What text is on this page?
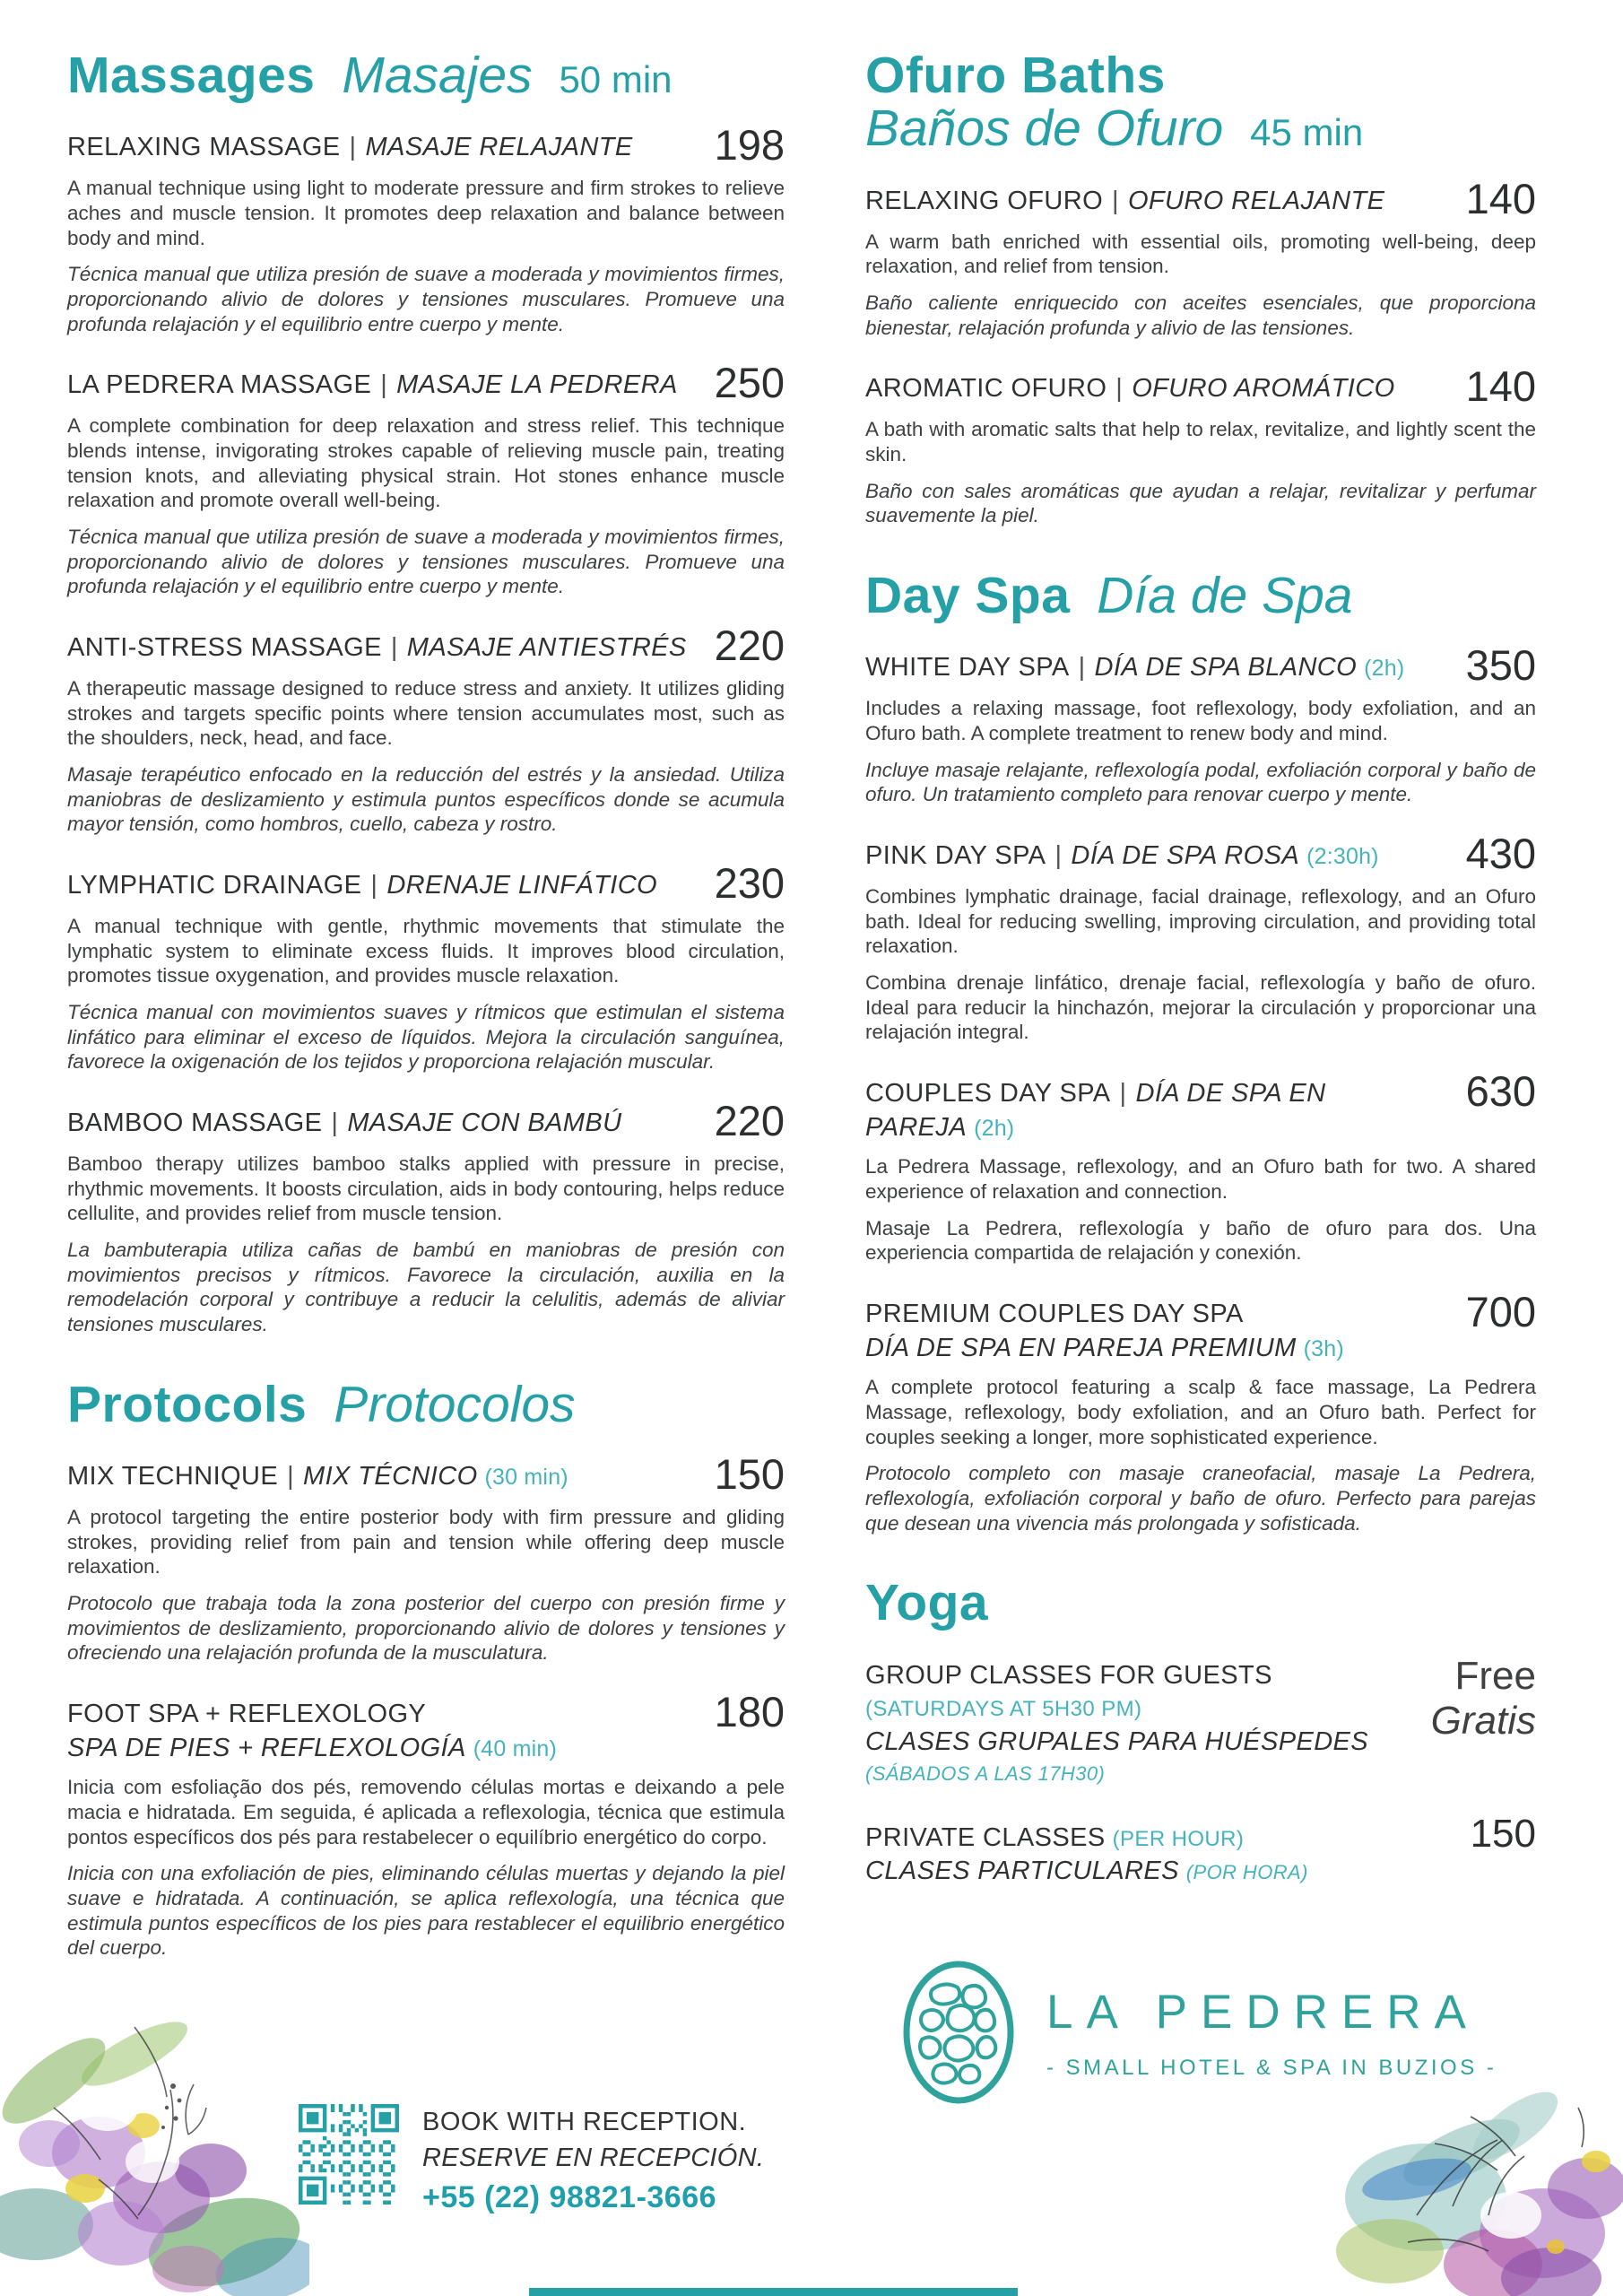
Massages Masajes 50 min
RELAXING MASSAGE | MASAJE RELAJANTE	198

A manual technique using light to moderate pressure and firm strokes to relieve aches and muscle tension. It promotes deep relaxation and balance between body and mind.

Técnica manual que utiliza presión de suave a moderada y movimientos firmes, proporcionando alivio de dolores y tensiones musculares. Promueve una profunda relajación y el equilibrio entre cuerpo y mente.

LA PEDRERA MASSAGE | MASAJE LA PEDRERA 250

A complete combination for deep relaxation and stress relief. This technique blends intense, invigorating strokes capable of relieving muscle pain, treating tension knots, and alleviating physical strain. Hot stones enhance muscle relaxation and promote overall well-being.

Técnica manual que utiliza presión de suave a moderada y movimientos firmes, proporcionando alivio de dolores y tensiones musculares. Promueve una profunda relajación y el equilibrio entre cuerpo y mente.

ANTI-STRESS MASSAGE | MASAJE ANTIESTRÉS 220

A therapeutic massage designed to reduce stress and anxiety. It utilizes gliding strokes and targets specific points where tension accumulates most, such as the shoulders, neck, head, and face.

Masaje terapéutico enfocado en la reducción del estrés y la ansiedad. Utiliza maniobras de deslizamiento y estimula puntos específicos donde se acumula mayor tensión, como hombros, cuello, cabeza y rostro.

LYMPHATIC DRAINAGE | DRENAJE LINFÁTICO	230

A manual technique with gentle, rhythmic movements that stimulate the lymphatic system to eliminate excess fluids. It improves blood circulation, promotes tissue oxygenation, and provides muscle relaxation.

Técnica manual con movimientos suaves y rítmicos que estimulan el sistema linfático para eliminar el exceso de líquidos. Mejora la circulación sanguínea, favorece la oxigenación de los tejidos y proporciona relajación muscular.

BAMBOO MASSAGE | MASAJE CON BAMBÚ	220

Bamboo therapy utilizes bamboo stalks applied with pressure in precise, rhythmic movements. It boosts circulation, aids in body contouring, helps reduce cellulite, and provides relief from muscle tension.

La bambuterapia utiliza cañas de bambú en maniobras de presión con movimientos precisos y rítmicos. Favorece la circulación, auxilia en la remodelación corporal y contribuye a reducir la celulitis, además de aliviar tensiones musculares.

Protocols Protocolos
MIX TECHNIQUE | MIX TÉCNICO (30 min)	150

A protocol targeting the entire posterior body with firm pressure and gliding strokes, providing relief from pain and tension while offering deep muscle relaxation.

Protocolo que trabaja toda la zona posterior del cuerpo con presión firme y movimientos de deslizamiento, proporcionando alivio de dolores y tensiones y ofreciendo una relajación profunda de la musculatura.

FOOT SPA + REFLEXOLOGY
SPA DE PIES + REFLEXOLOGÍA (40 min)
180

Inicia com esfoliação dos pés, removendo células mortas e deixando a pele macia e hidratada. Em seguida, é aplicada a reflexologia, técnica que estimula pontos específicos dos pés para restabelecer o equilíbrio energético do corpo.

Inicia con una exfoliación de pies, eliminando células muertas y dejando la piel suave e hidratada. A continuación, se aplica reflexología, una técnica que estimula puntos específicos de los pies para restablecer el equilibrio energético del cuerpo.

Ofuro Baths
Baños de Ofuro 45 min
RELAXING OFURO | OFURO RELAJANTE	140

A warm bath enriched with essential oils, promoting well-being, deep relaxation, and relief from tension.

Baño caliente enriquecido con aceites esenciales, que proporciona bienestar, relajación profunda y alivio de las tensiones.

AROMATIC OFURO | OFURO AROMÁTICO	140

A bath with aromatic salts that help to relax, revitalize, and lightly scent the skin.

Baño con sales aromáticas que ayudan a relajar, revitalizar y perfumar suavemente la piel.

Day Spa Día de Spa
WHITE DAY SPA | DÍA DE SPA BLANCO (2h)	350

Includes a relaxing massage, foot reflexology, body exfoliation, and an Ofuro bath. A complete treatment to renew body and mind.

Incluye masaje relajante, reflexología podal, exfoliación corporal y baño de ofuro. Un tratamiento completo para renovar cuerpo y mente.

PINK DAY SPA | DÍA DE SPA ROSA (2:30h)	430

Combines lymphatic drainage, facial drainage, reflexology, and an Ofuro bath. Ideal for reducing swelling, improving circulation, and providing total relaxation.

Combina drenaje linfático, drenaje facial, reflexología y baño de ofuro. Ideal para reducir la hinchazón, mejorar la circulación y proporcionar una relajación integral.

COUPLES DAY SPA | DÍA DE SPA EN PAREJA (2h)
630

La Pedrera Massage, reflexology, and an Ofuro bath for two. A shared experience of relaxation and connection.

Masaje La Pedrera, reflexología y baño de ofuro para dos. Una experiencia compartida de relajación y conexión.

PREMIUM COUPLES DAY SPA
DÍA DE SPA EN PAREJA PREMIUM (3h)
700

A complete protocol featuring a scalp & face massage, La Pedrera Massage, reflexology, body exfoliation, and an Ofuro bath. Perfect for couples seeking a longer, more sophisticated experience.

Protocolo completo con masaje craneofacial, masaje La Pedrera, reflexología, exfoliación corporal y baño de ofuro. Perfecto para parejas que desean una vivencia más prolongada y sofisticada.

Yoga
GROUP CLASSES FOR GUESTS
(SATURDAYS AT 5H30 PM)
CLASES GRUPALES PARA HUÉSPEDES
(SÁBADOS A LAS 17H30)
Free
Gratis
PRIVATE CLASSES (PER HOUR)
CLASES PARTICULARES (POR HORA)
150
BOOK WITH RECEPTION.
RESERVE EN RECEPCIÓN.
+55 (22) 98821-3666
LA PEDRERA
- SMALL HOTEL & SPA IN BUZIOS -
